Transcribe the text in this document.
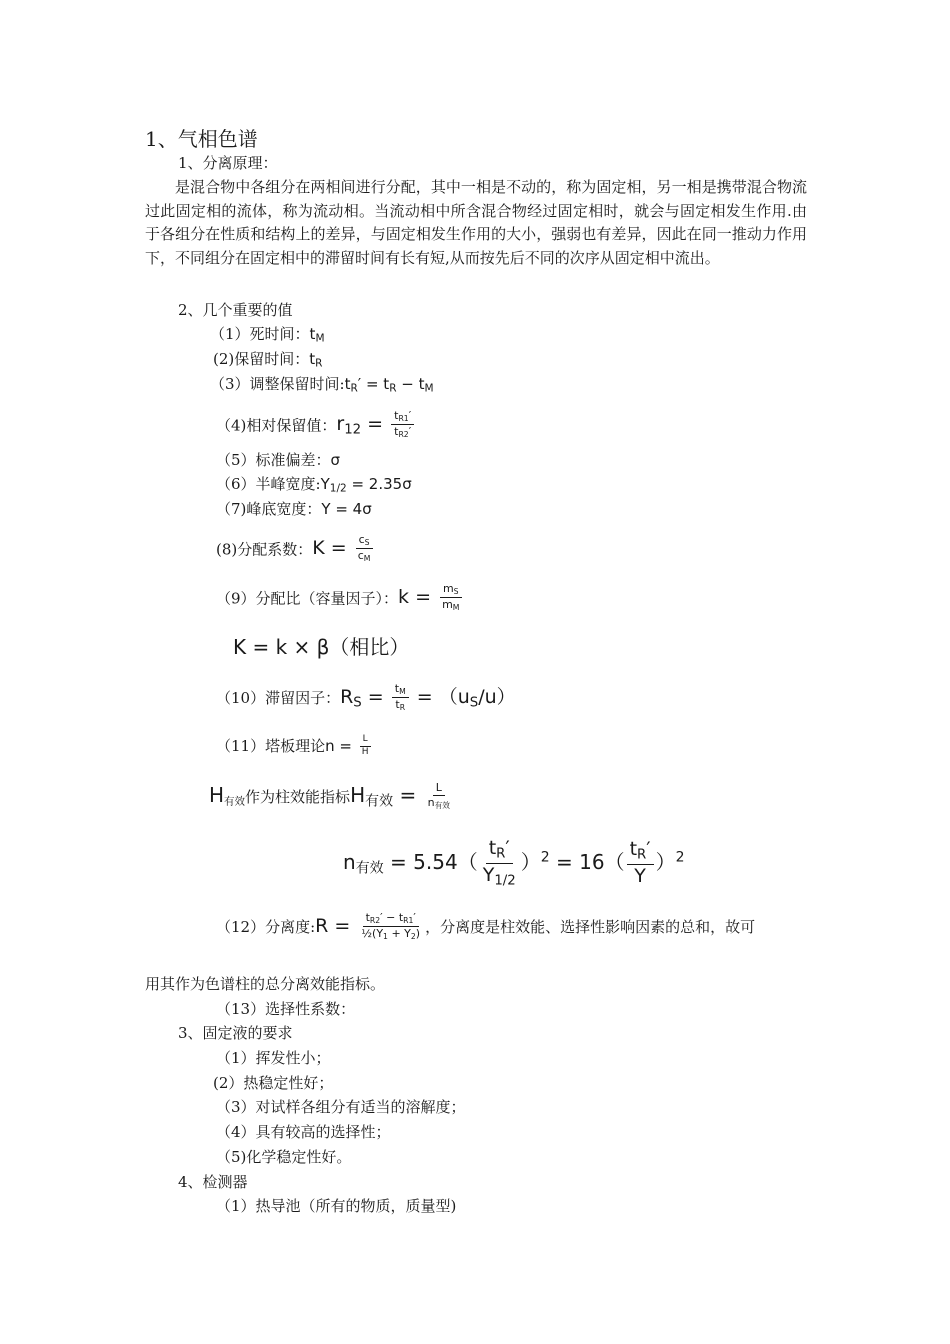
1、气相色谱
1、分离原理：
是混合物中各组分在两相间进行分配，其中一相是不动的，称为固定相，另一相是携带混合物流过此固定相的流体，称为流动相。当流动相中所含混合物经过固定相时，就会与固定相发生作用.由于各组分在性质和结构上的差异，与固定相发生作用的大小，强弱也有差异，因此在同一推动力作用下，不同组分在固定相中的滞留时间有长有短,从而按先后不同的次序从固定相中流出。
2、几个重要的值
（1）死时间：$t_M$
(2)保留时间：$t_R$
（3）调整保留时间$:t_R' = t_R - t_M$
（4)相对保留值：$r_{12} = \frac{t_{R1}'}{t_{R2}'}$
（5）标准偏差：σ
（6）半峰宽度$:Y_{1/2} = 2.35\sigma$
（7)峰底宽度：Y = 4σ
(8)分配系数：$K = \frac{c_S}{c_M}$
（9）分配比（容量因子）：$k = \frac{m_S}{m_M}$
K = k × β（相比）
（10）滞留因子：$R_S = \frac{t_M}{t_R} = (u_S/u)$
（11）塔板理论$n = \frac{L}{H}$
$H_{有效}$作为柱效能指标$H_{有效} = \frac{L}{n_{有效}}$
$n_{有效} = 5.54( \frac{t_R'}{Y_{1/2}} )^2 = 16( \frac{t_R'}{Y} )^2$
（12）分离度:R = $\frac{t_{R2}' - t_{R1}'}{\frac{1}{2}(Y_1 + Y_2)}$ ，分离度是柱效能、选择性影响因素的总和，故可
用其作为色谱柱的总分离效能指标。
（13）选择性系数：
3、固定液的要求
（1）挥发性小；
(2）热稳定性好；
（3）对试样各组分有适当的溶解度；
（4）具有较高的选择性；
（5)化学稳定性好。
4、检测器
（1）热导池（所有的物质，质量型)
